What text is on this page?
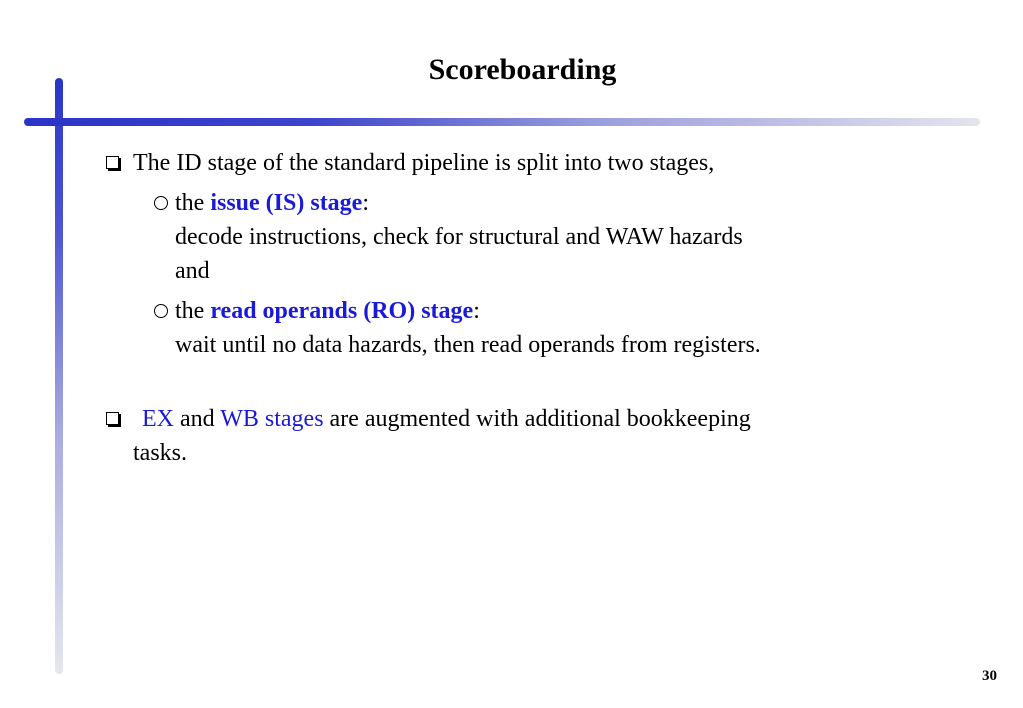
Scoreboarding
The ID stage of the standard pipeline is split into two stages,
the issue (IS) stage:
decode instructions, check for structural and WAW hazards
and
the read operands (RO) stage:
wait until no data hazards, then read operands from registers.
EX and WB stages are augmented with additional bookkeeping
tasks.
30
